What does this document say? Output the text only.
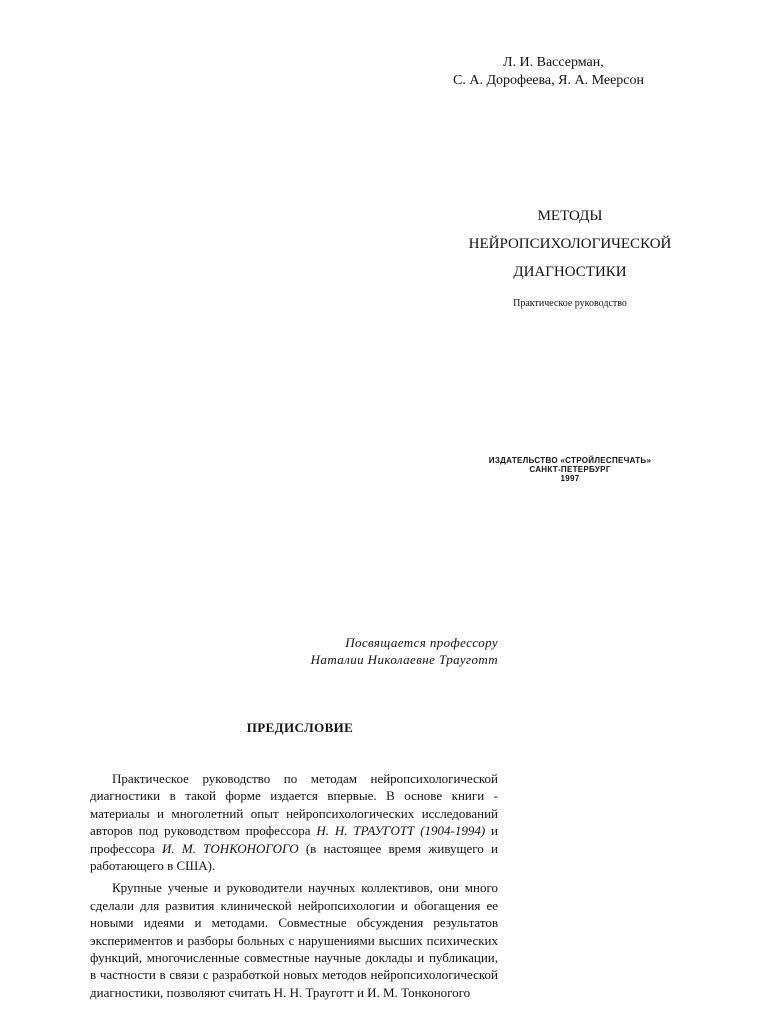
Л. И. Вассерман,
С. А. Дорофеева, Я. А. Меерсон
МЕТОДЫ
НЕЙРОПСИХОЛОГИЧЕСКОЙ
ДИАГНОСТИКИ
Практическое руководство
ИЗДАТЕЛЬСТВО «СТРОЙЛЕСПЕЧАТЬ»
САНКТ-ПЕТЕРБУРГ
1997
Посвящается профессору
Наталии Николаевне Трауготт
ПРЕДИСЛОВИЕ

Практическое руководство по методам нейропсихологической диагностики в такой форме издается впервые. В основе книги - материалы и многолетний опыт нейропсихологических исследований авторов под руководством профессора Н. Н. ТРАУГОТТ (1904-1994) и профессора И. М. ТОНКОНОГОГО (в настоящее время живущего и работающего в США).

Крупные ученые и руководители научных коллективов, они много сделали для развития клинической нейропсихологии и обогащения ее новыми идеями и методами. Совместные обсуждения результатов экспериментов и разборы больных с нарушениями высших психических функций, многочисленные совместные научные доклады и публикации, в частности в связи с разработкой новых методов нейропсихологической диагностики, позволяют считать Н. Н. Трауготт и И. М. Тонконогого
